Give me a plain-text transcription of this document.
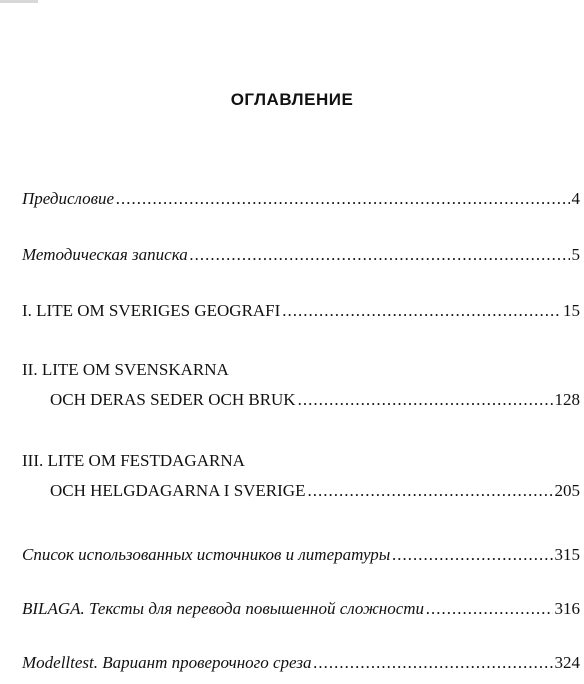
ОГЛАВЛЕНИЕ
Предисловие .....	4
Методическая записка .....	5
I. LITE OM SVERIGES GEOGRAFI .....	15
II. LITE OM SVENSKARNA
OCH DERAS SEDER OCH BRUK .....	128
III. LITE OM FESTDAGARNA
OCH HELGDAGARNA I SVERIGE .....	205
Список использованных источников и литературы .....	315
BILAGA. Тексты для перевода повышенной сложности .....	316
Modelltest. Вариант проверочного среза .....	324
